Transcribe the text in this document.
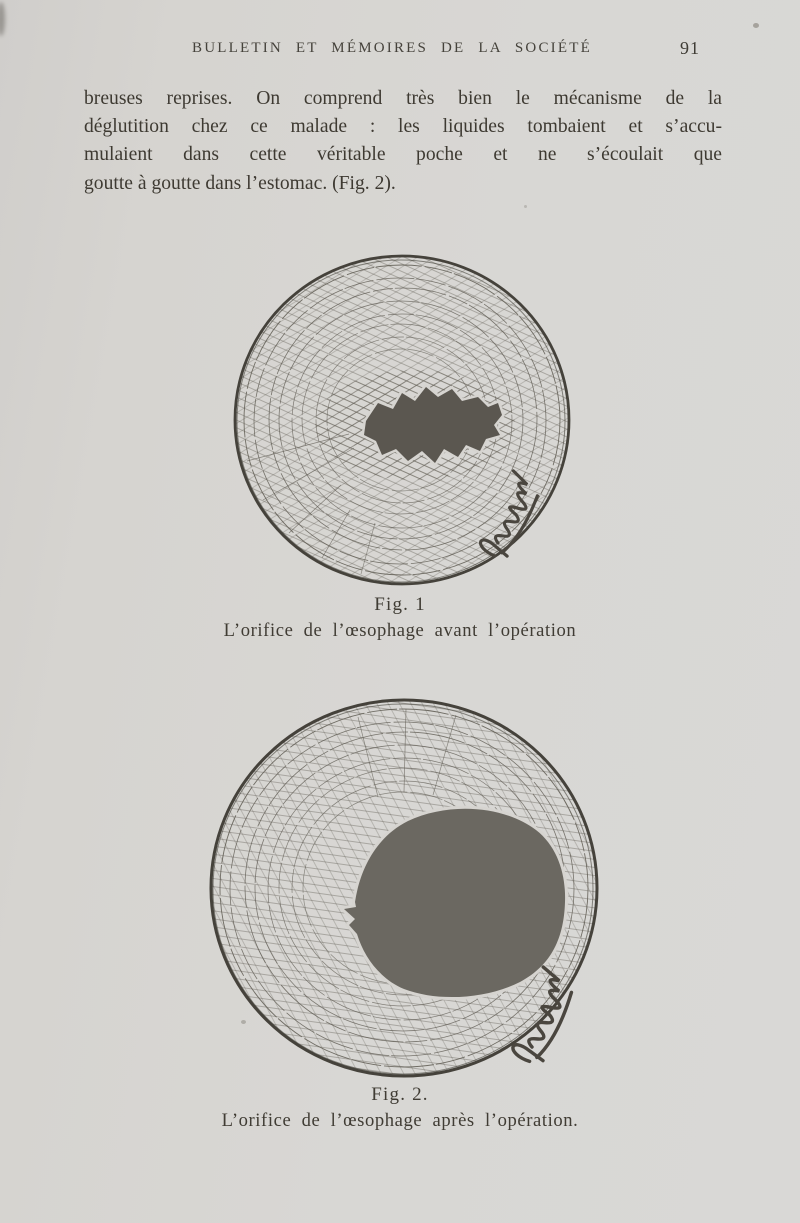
BULLETIN ET MÉMOIRES DE LA SOCIÉTÉ	91
breuses reprises. On comprend très bien le mécanisme de la
déglutition chez ce malade : les liquides tombaient et s’accu-
mulaient dans cette véritable poche et ne s’écoulait que
goutte à goutte dans l’estomac. (Fig. 2).
Fig. 1
L’orifice de l’œsophage avant l’opération
Fig. 2.
L’orifice de l’œsophage après l’opération.
